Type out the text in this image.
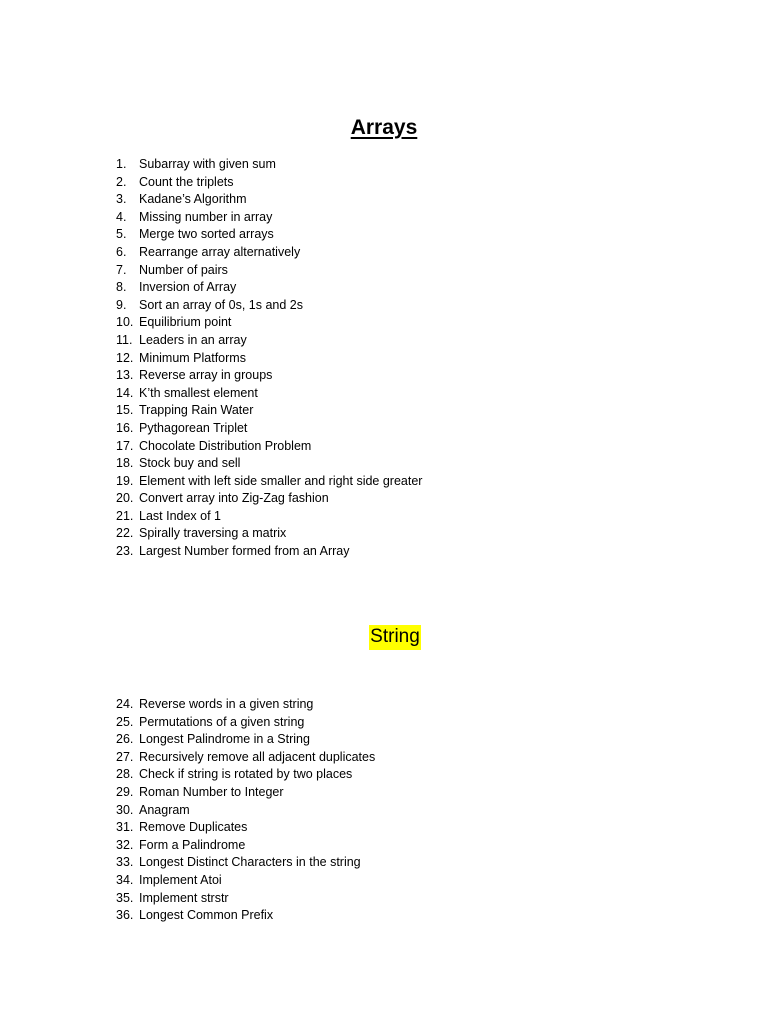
Arrays
1. Subarray with given sum
2. Count the triplets
3. Kadane’s Algorithm
4. Missing number in array
5. Merge two sorted arrays
6. Rearrange array alternatively
7. Number of pairs
8. Inversion of Array
9. Sort an array of 0s, 1s and 2s
10. Equilibrium point
11. Leaders in an array
12. Minimum Platforms
13. Reverse array in groups
14. K’th smallest element
15. Trapping Rain Water
16. Pythagorean Triplet
17. Chocolate Distribution Problem
18. Stock buy and sell
19. Element with left side smaller and right side greater
20. Convert array into Zig-Zag fashion
21. Last Index of 1
22. Spirally traversing a matrix
23. Largest Number formed from an Array
String
24. Reverse words in a given string
25. Permutations of a given string
26. Longest Palindrome in a String
27. Recursively remove all adjacent duplicates
28. Check if string is rotated by two places
29. Roman Number to Integer
30. Anagram
31. Remove Duplicates
32. Form a Palindrome
33. Longest Distinct Characters in the string
34. Implement Atoi
35. Implement strstr
36. Longest Common Prefix
